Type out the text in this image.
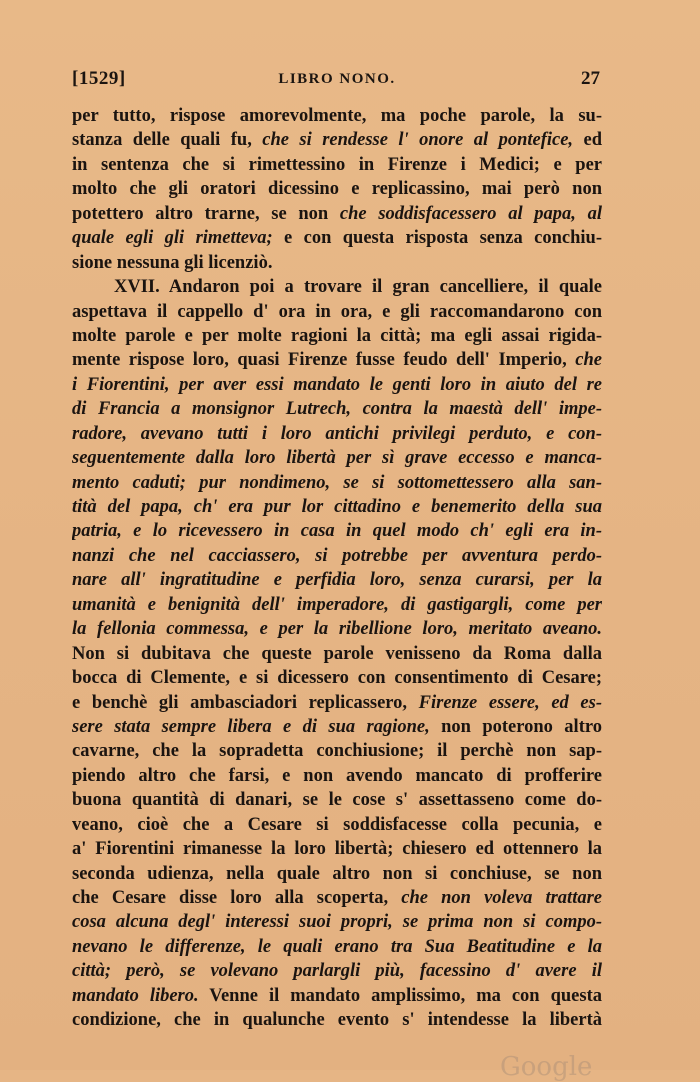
[1529]	LIBRO NONO.	27
per tutto, rispose amorevolmente, ma poche parole, la su-
stanza delle quali fu, che si rendesse l' onore al pontefice, ed
in sentenza che si rimettessino in Firenze i Medici; e per
molto che gli oratori dicessino e replicassino, mai però non
potettero altro trarne, se non che soddisfacessero al papa, al
quale egli gli rimetteva; e con questa risposta senza conchiu-
sione nessuna gli licenziò.
XVII. Andaron poi a trovare il gran cancelliere, il quale
aspettava il cappello d' ora in ora, e gli raccomandarono con
molte parole e per molte ragioni la città; ma egli assai rigida-
mente rispose loro, quasi Firenze fusse feudo dell' Imperio, che
i Fiorentini, per aver essi mandato le genti loro in aiuto del re
di Francia a monsignor Lutrech, contra la maestà dell' impe-
radore, avevano tutti i loro antichi privilegi perduto, e con-
seguentemente dalla loro libertà per sì grave eccesso e manca-
mento caduti; pur nondimeno, se si sottomettessero alla san-
tità del papa, ch' era pur lor cittadino e benemerito della sua
patria, e lo ricevessero in casa in quel modo ch' egli era in-
nanzi che nel cacciassero, si potrebbe per avventura perdo-
nare all' ingratitudine e perfidia loro, senza curarsi, per la
umanità e benignità dell' imperadore, di gastigargli, come per
la fellonia commessa, e per la ribellione loro, meritato aveano.
Non si dubitava che queste parole venisseno da Roma dalla
bocca di Clemente, e si dicessero con consentimento di Cesare;
e benchè gli ambasciadori replicassero, Firenze essere, ed es-
sere stata sempre libera e di sua ragione, non poterono altro
cavarne, che la sopradetta conchiusione; il perchè non sap-
piendo altro che farsi, e non avendo mancato di profferire
buona quantità di danari, se le cose s' assettasseno come do-
veano, cioè che a Cesare si soddisfacesse colla pecunia, e
a' Fiorentini rimanesse la loro libertà; chiesero ed ottennero la
seconda udienza, nella quale altro non si conchiuse, se non
che Cesare disse loro alla scoperta, che non voleva trattare
cosa alcuna degl' interessi suoi propri, se prima non si compo-
nevano le differenze, le quali erano tra Sua Beatitudine e la
città; però, se volevano parlargli più, facessino d' avere il
mandato libero. Venne il mandato amplissimo, ma con questa
condizione, che in qualunche evento s' intendesse la libertà
Google
